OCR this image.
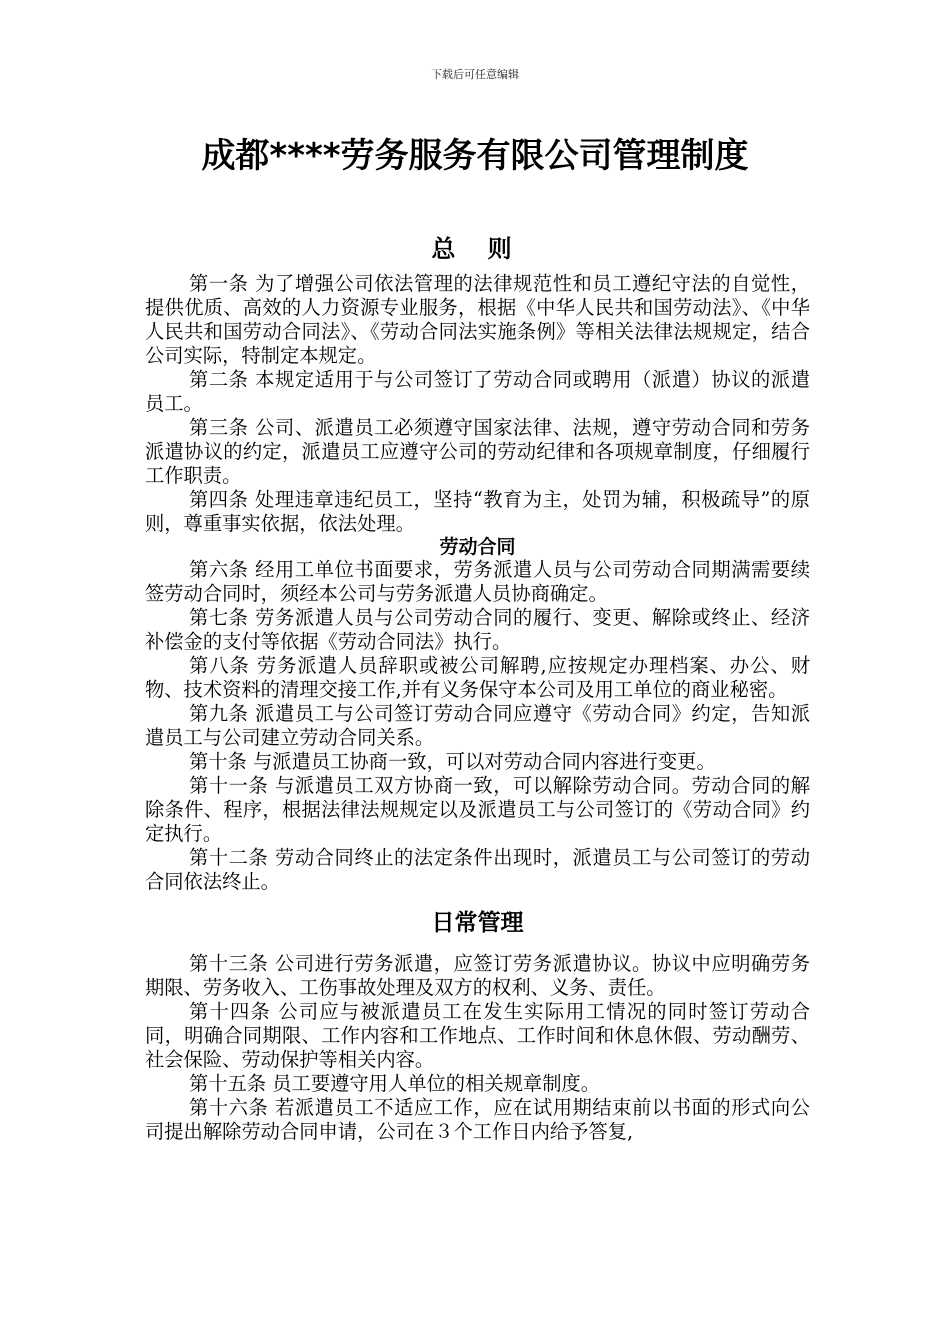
下载后可任意编辑
成都****劳务服务有限公司管理制度
总 则

第一条 为了增强公司依法管理的法律规范性和员工遵纪守法的自觉性，提供优质、高效的人力资源专业服务，根据《中华人民共和国劳动法》、《中华人民共和国劳动合同法》、《劳动合同法实施条例》等相关法律法规规定，结合公司实际，特制定本规定。

第二条 本规定适用于与公司签订了劳动合同或聘用（派遣）协议的派遣员工。

第三条 公司、派遣员工必须遵守国家法律、法规，遵守劳动合同和劳务派遣协议的约定，派遣员工应遵守公司的劳动纪律和各项规章制度，仔细履行工作职责。

第四条 处理违章违纪员工，坚持“教育为主，处罚为辅，积极疏导”的原则，尊重事实依据，依法处理。

劳动合同

第六条 经用工单位书面要求，劳务派遣人员与公司劳动合同期满需要续签劳动合同时，须经本公司与劳务派遣人员协商确定。

第七条 劳务派遣人员与公司劳动合同的履行、变更、解除或终止、经济补偿金的支付等依据《劳动合同法》执行。

第八条 劳务派遣人员辞职或被公司解聘,应按规定办理档案、办公、财物、技术资料的清理交接工作,并有义务保守本公司及用工单位的商业秘密。

第九条 派遣员工与公司签订劳动合同应遵守《劳动合同》约定，告知派遣员工与公司建立劳动合同关系。

第十条 与派遣员工协商一致，可以对劳动合同内容进行变更。

第十一条 与派遣员工双方协商一致，可以解除劳动合同。劳动合同的解除条件、程序，根据法律法规规定以及派遣员工与公司签订的《劳动合同》约定执行。

第十二条 劳动合同终止的法定条件出现时，派遣员工与公司签订的劳动合同依法终止。

日常管理

第十三条 公司进行劳务派遣，应签订劳务派遣协议。协议中应明确劳务期限、劳务收入、工伤事故处理及双方的权利、义务、责任。

第十四条 公司应与被派遣员工在发生实际用工情况的同时签订劳动合同，明确合同期限、工作内容和工作地点、工作时间和休息休假、劳动酬劳、社会保险、劳动保护等相关内容。

第十五条 员工要遵守用人单位的相关规章制度。

第十六条 若派遣员工不适应工作，应在试用期结束前以书面的形式向公司提出解除劳动合同申请，公司在３个工作日内给予答复,
